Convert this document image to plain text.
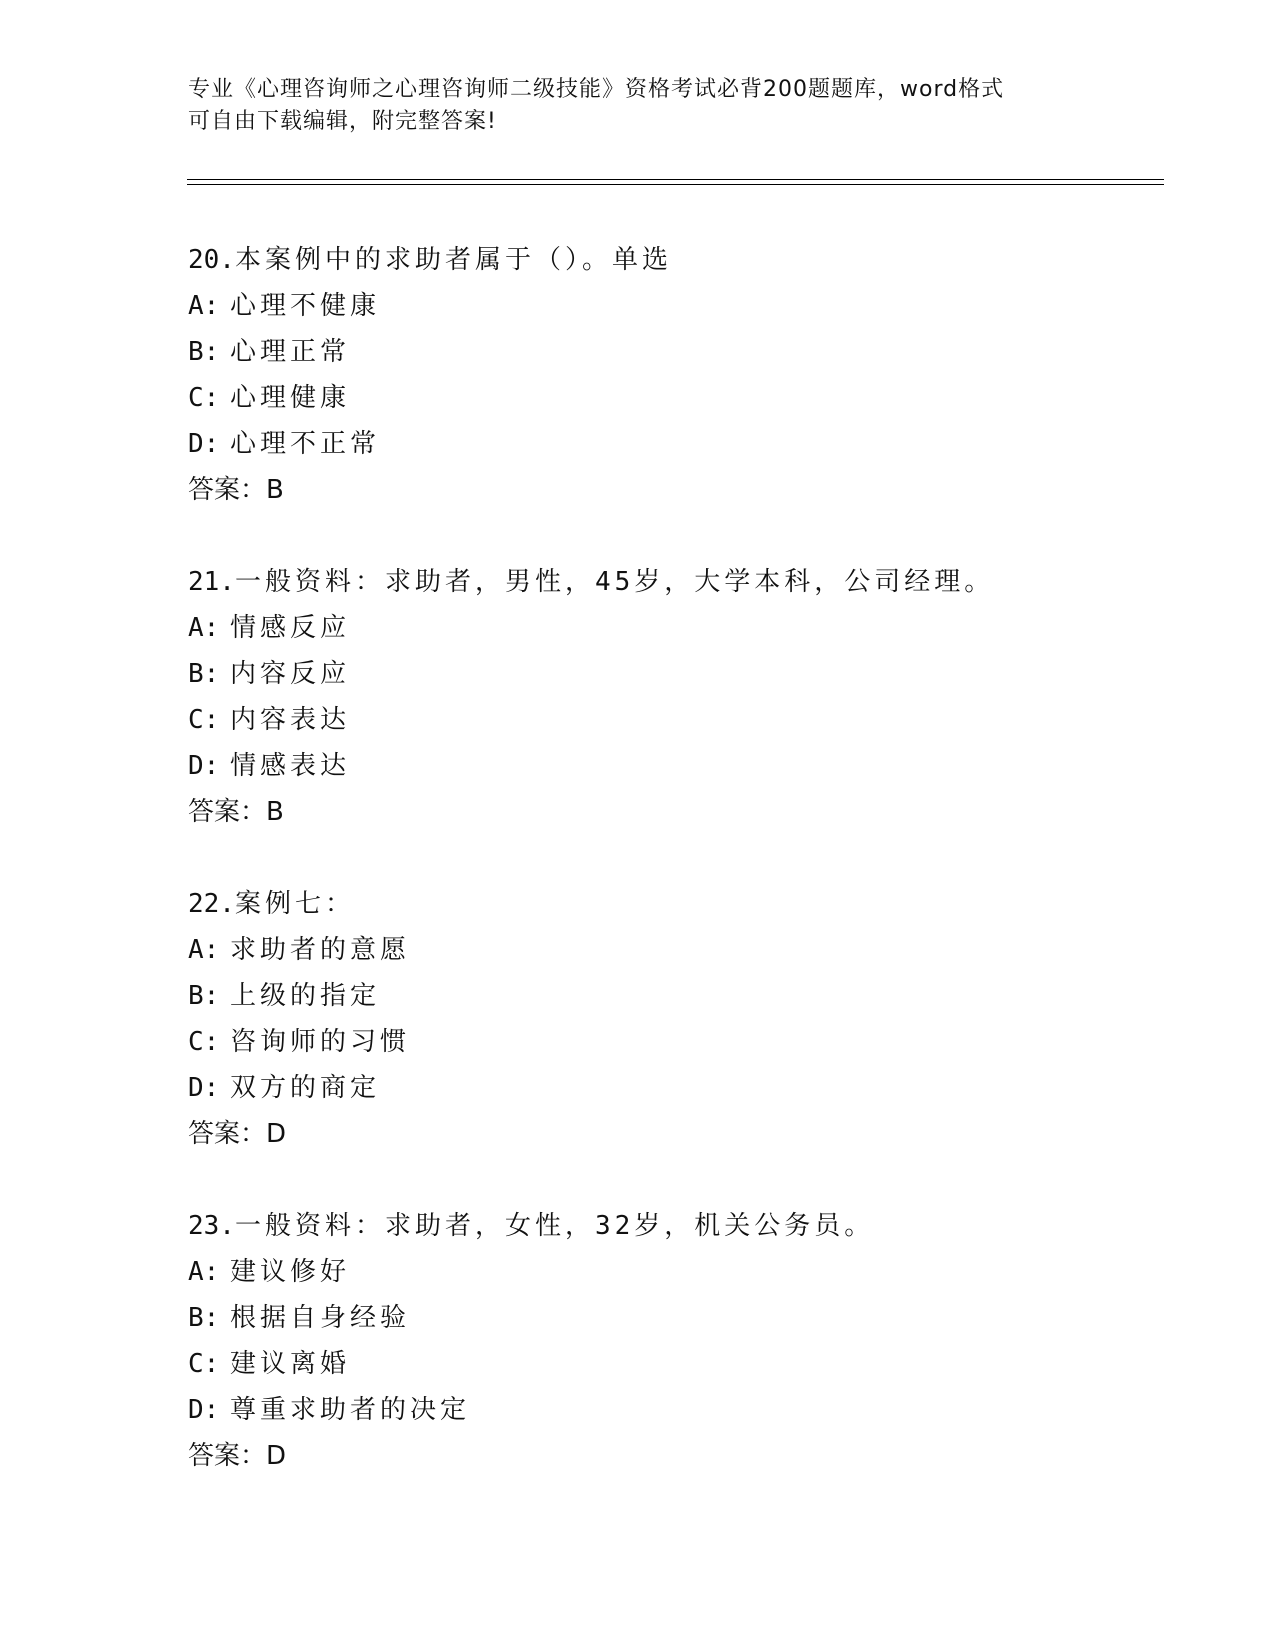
专业《心理咨询师之心理咨询师二级技能》资格考试必背200题题库，word格式
可自由下载编辑，附完整答案!
20.本案例中的求助者属于（）。单选
A: 心理不健康
B: 心理正常
C: 心理健康
D: 心理不正常
答案：B
21.一般资料：求助者，男性，45岁，大学本科，公司经理。
A: 情感反应
B: 内容反应
C: 内容表达
D: 情感表达
答案：B
22.案例七：
A: 求助者的意愿
B: 上级的指定
C: 咨询师的习惯
D: 双方的商定
答案：D
23.一般资料：求助者，女性，32岁，机关公务员。
A: 建议修好
B: 根据自身经验
C: 建议离婚
D: 尊重求助者的决定
答案：D
